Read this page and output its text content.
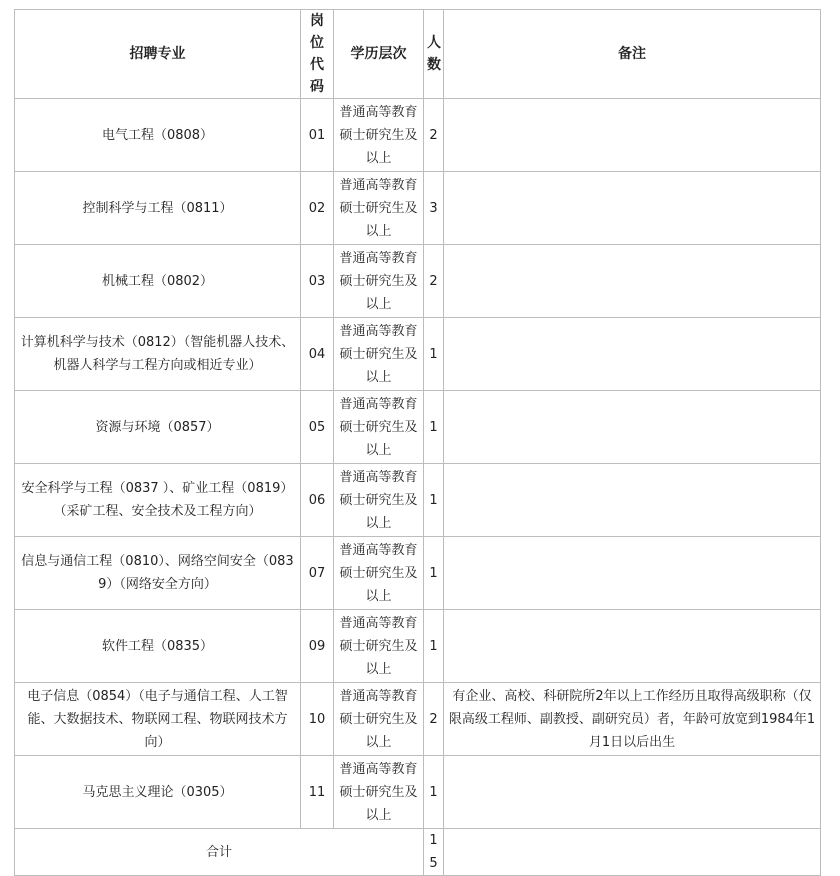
招聘专业	岗位代码	学历层次	人数	备注
电气工程（0808）	01	普通高等教育硕士研究生及以上	2	
控制科学与工程（0811）	02	普通高等教育硕士研究生及以上	3	
机械工程（0802）	03	普通高等教育硕士研究生及以上	2	
计算机科学与技术（0812）（智能机器人技术、机器人科学与工程方向或相近专业）	04	普通高等教育硕士研究生及以上	1	
资源与环境（0857）	05	普通高等教育硕士研究生及以上	1	
安全科学与工程（0837 ）、矿业工程（0819）（采矿工程、安全技术及工程方向）	06	普通高等教育硕士研究生及以上	1	
信息与通信工程（0810）、网络空间安全（0839）（网络安全方向）	07	普通高等教育硕士研究生及以上	1	
软件工程（0835）	09	普通高等教育硕士研究生及以上	1	
电子信息（0854）（电子与通信工程、人工智能、大数据技术、物联网工程、物联网技术方向）	10	普通高等教育硕士研究生及以上	2	有企业、高校、科研院所2年以上工作经历且取得高级职称（仅限高级工程师、副教授、副研究员）者，年龄可放宽到1984年1月1日以后出生
马克思主义理论（0305）	11	普通高等教育硕士研究生及以上	1	
合计			15	
